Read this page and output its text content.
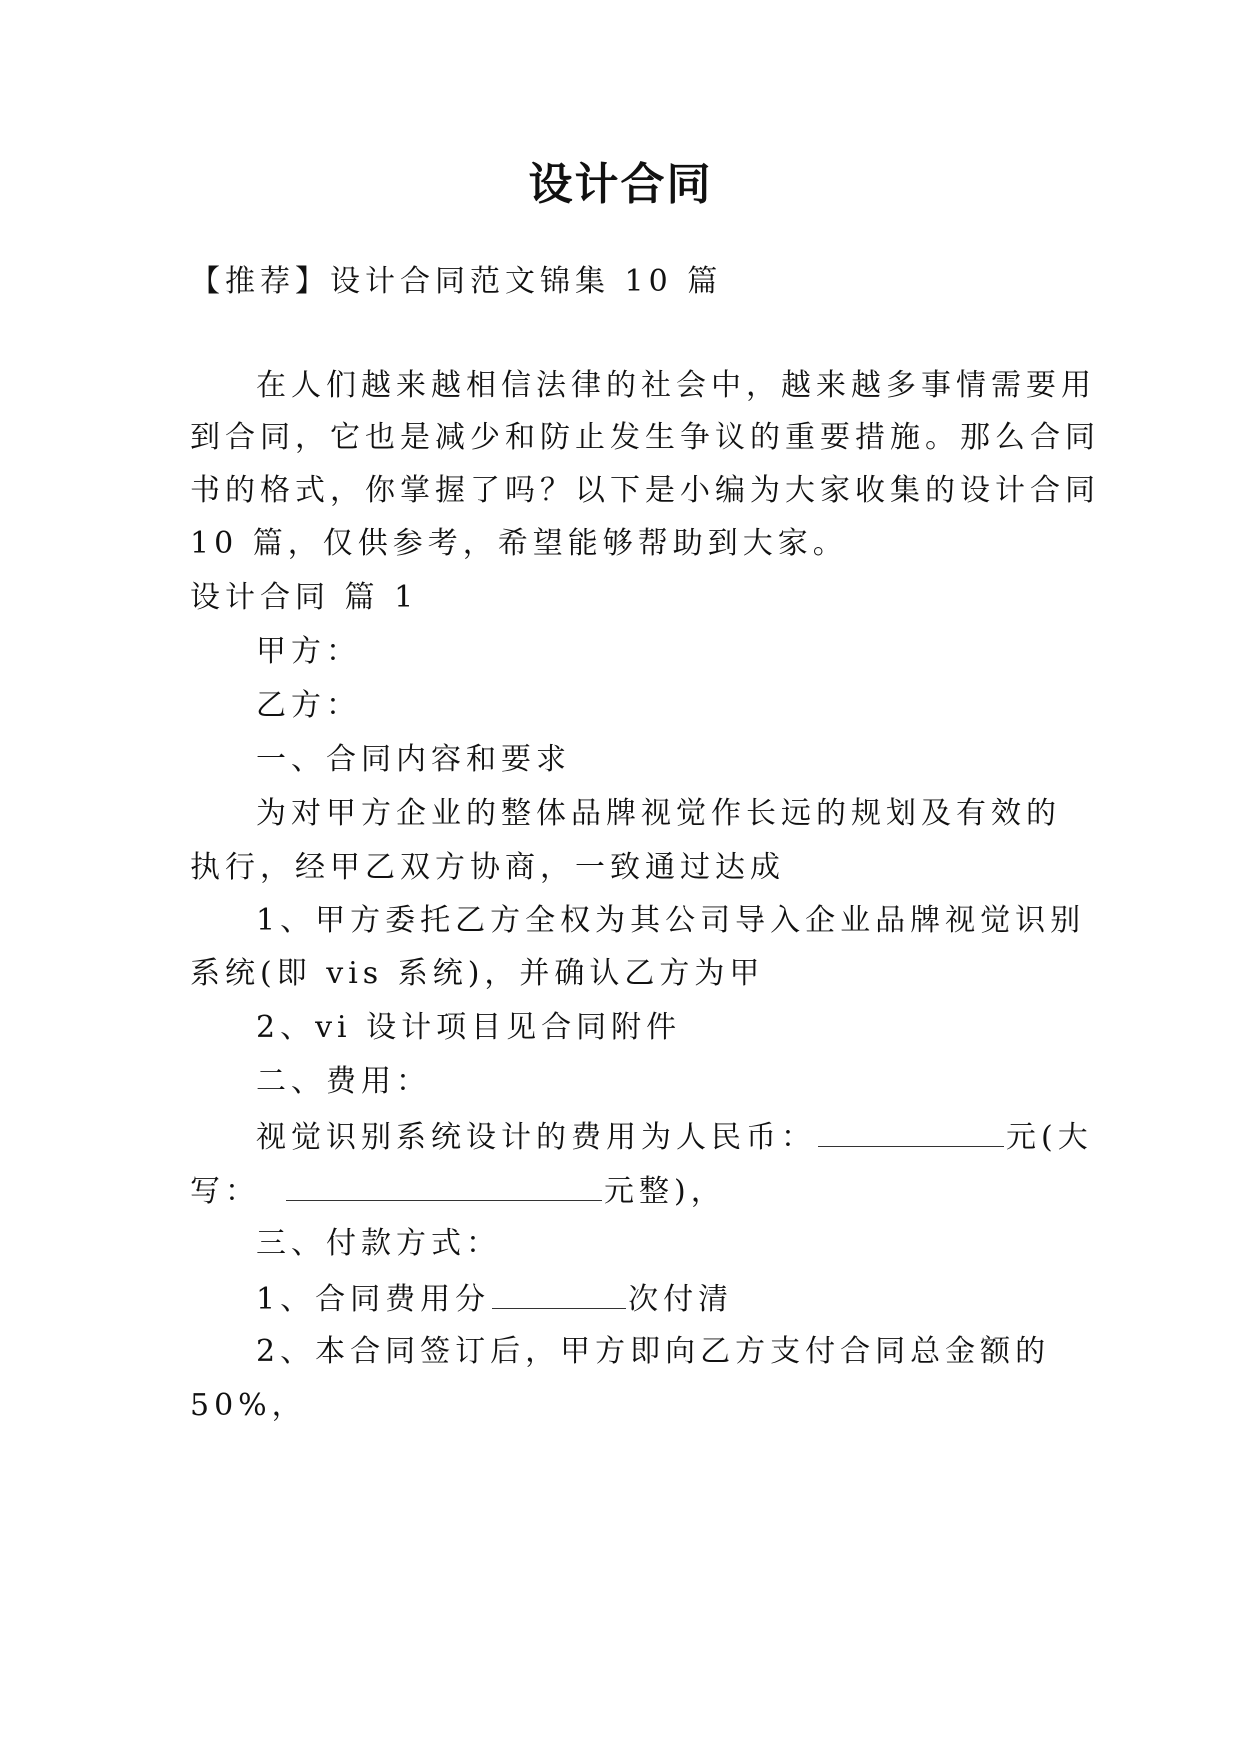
设计合同
【推荐】设计合同范文锦集 10 篇
在人们越来越相信法律的社会中，越来越多事情需要用
到合同，它也是减少和防止发生争议的重要措施。那么合同
书的格式，你掌握了吗？以下是小编为大家收集的设计合同
10 篇，仅供参考，希望能够帮助到大家。
设计合同 篇 1
甲方：
乙方：
一、合同内容和要求
为对甲方企业的整体品牌视觉作长远的规划及有效的
执行，经甲乙双方协商，一致通过达成
1、甲方委托乙方全权为其公司导入企业品牌视觉识别
系统(即 vis 系统)，并确认乙方为甲
2、vi 设计项目见合同附件
二、费用：
视觉识别系统设计的费用为人民币：	元(大
写：	元整)，
三、付款方式：
1、合同费用分	次付清
2、本合同签订后，甲方即向乙方支付合同总金额的
50%，
